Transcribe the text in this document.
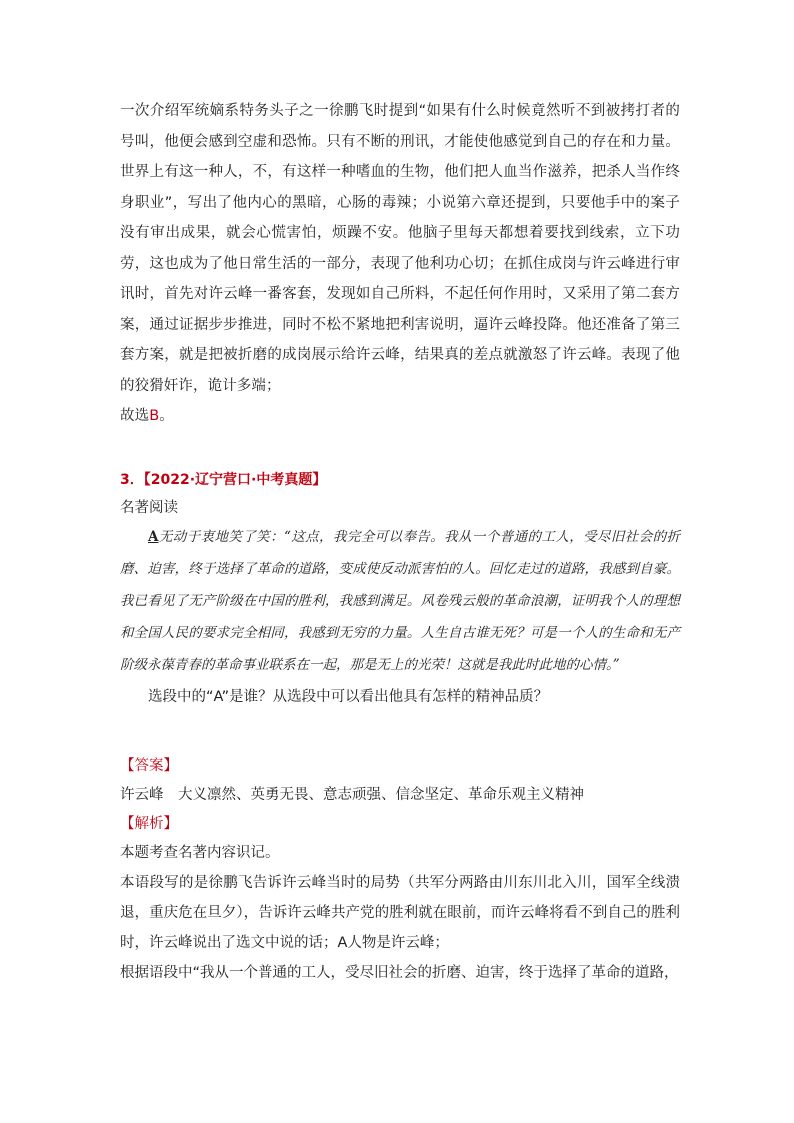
一次介绍军统嫡系特务头子之一徐鹏飞时提到“如果有什么时候竟然听不到被拷打者的号叫，他便会感到空虚和恐怖。只有不断的刑讯，才能使他感觉到自己的存在和力量。世界上有这一种人，不，有这样一种嗜血的生物，他们把人血当作滋养，把杀人当作终身职业”，写出了他内心的黑暗，心肠的毒辣；小说第六章还提到，只要他手中的案子没有审出成果，就会心慌害怕，烦躁不安。他脑子里每天都想着要找到线索，立下功劳，这也成为了他日常生活的一部分，表现了他利功心切；在抓住成岗与许云峰进行审讯时，首先对许云峰一番客套，发现如自己所料，不起任何作用时，又采用了第二套方案，通过证据步步推进，同时不松不紧地把利害说明，逼许云峰投降。他还准备了第三套方案，就是把被折磨的成岗展示给许云峰，结果真的差点就激怒了许云峰。表现了他的狡猾奸诈，诡计多端；

故选B。

3．【2022·辽宁营口·中考真题】

名著阅读

A无动于衷地笑了笑：“这点，我完全可以奉告。我从一个普通的工人，受尽旧社会的折磨、迫害，终于选择了革命的道路，变成使反动派害怕的人。回忆走过的道路，我感到自豪。我已看见了无产阶级在中国的胜利，我感到满足。风卷残云般的革命浪潮，证明我个人的理想和全国人民的要求完全相同，我感到无穷的力量。人生自古谁无死？可是一个人的生命和无产阶级永葆青春的革命事业联系在一起，那是无上的光荣！这就是我此时此地的心情。”

选段中的“A”是谁？从选段中可以看出他具有怎样的精神品质？

【答案】

许云峰　大义凛然、英勇无畏、意志顽强、信念坚定、革命乐观主义精神

【解析】

本题考查名著内容识记。

本语段写的是徐鹏飞告诉许云峰当时的局势（共军分两路由川东川北入川，国军全线溃退，重庆危在旦夕），告诉许云峰共产党的胜利就在眼前，而许云峰将看不到自己的胜利时，许云峰说出了选文中说的话；A人物是许云峰；

根据语段中“我从一个普通的工人，受尽旧社会的折磨、迫害，终于选择了革命的道路，
